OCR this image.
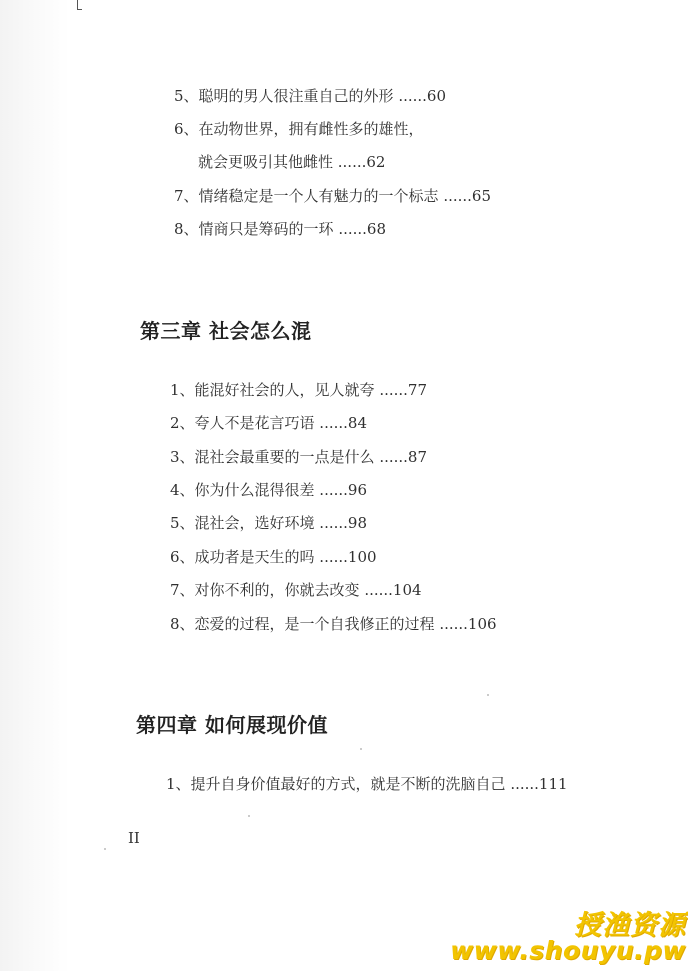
5、聪明的男人很注重自己的外形 ......60
6、在动物世界，拥有雌性多的雄性，
就会更吸引其他雌性 ......62
7、情绪稳定是一个人有魅力的一个标志 ......65
8、情商只是筹码的一环 ......68
第三章 社会怎么混
1、能混好社会的人，见人就夸 ......77
2、夸人不是花言巧语 ......84
3、混社会最重要的一点是什么 ......87
4、你为什么混得很差 ......96
5、混社会，选好环境 ......98
6、成功者是天生的吗 ......100
7、对你不利的，你就去改变 ......104
8、恋爱的过程，是一个自我修正的过程 ......106
第四章 如何展现价值
1、提升自身价值最好的方式，就是不断的洗脑自己 ......111
II
授渔资源
www.shouyu.pw
